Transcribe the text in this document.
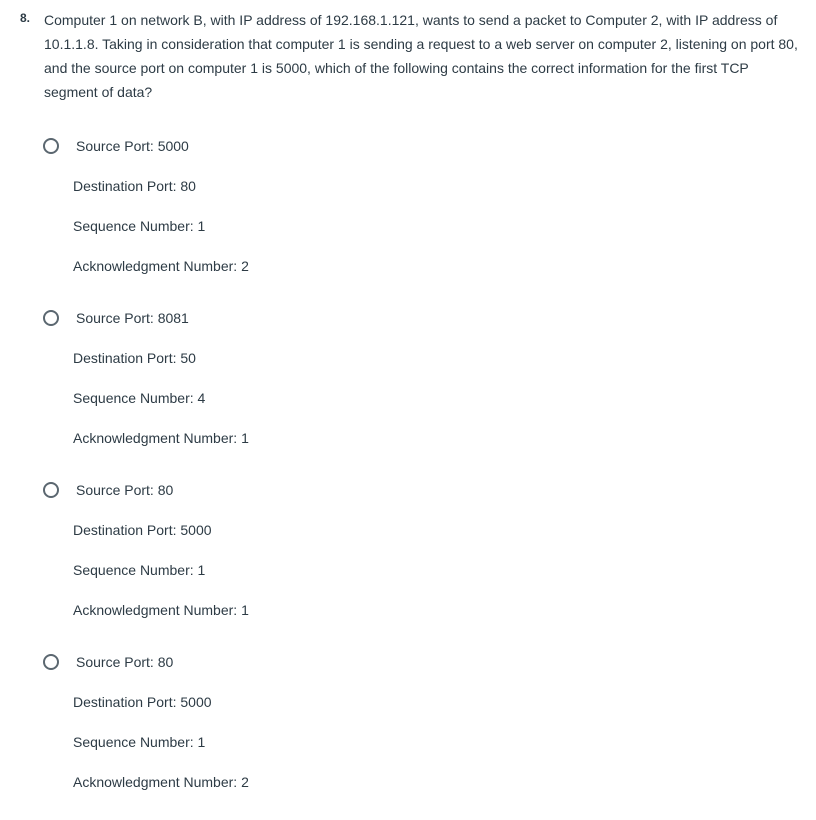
8. Computer 1 on network B, with IP address of 192.168.1.121, wants to send a packet to Computer 2, with IP address of 10.1.1.8. Taking in consideration that computer 1 is sending a request to a web server on computer 2, listening on port 80, and the source port on computer 1 is 5000, which of the following contains the correct information for the first TCP segment of data?
Source Port: 5000
Destination Port: 80
Sequence Number: 1
Acknowledgment Number: 2
Source Port: 8081
Destination Port: 50
Sequence Number: 4
Acknowledgment Number: 1
Source Port: 80
Destination Port: 5000
Sequence Number: 1
Acknowledgment Number: 1
Source Port: 80
Destination Port: 5000
Sequence Number: 1
Acknowledgment Number: 2
